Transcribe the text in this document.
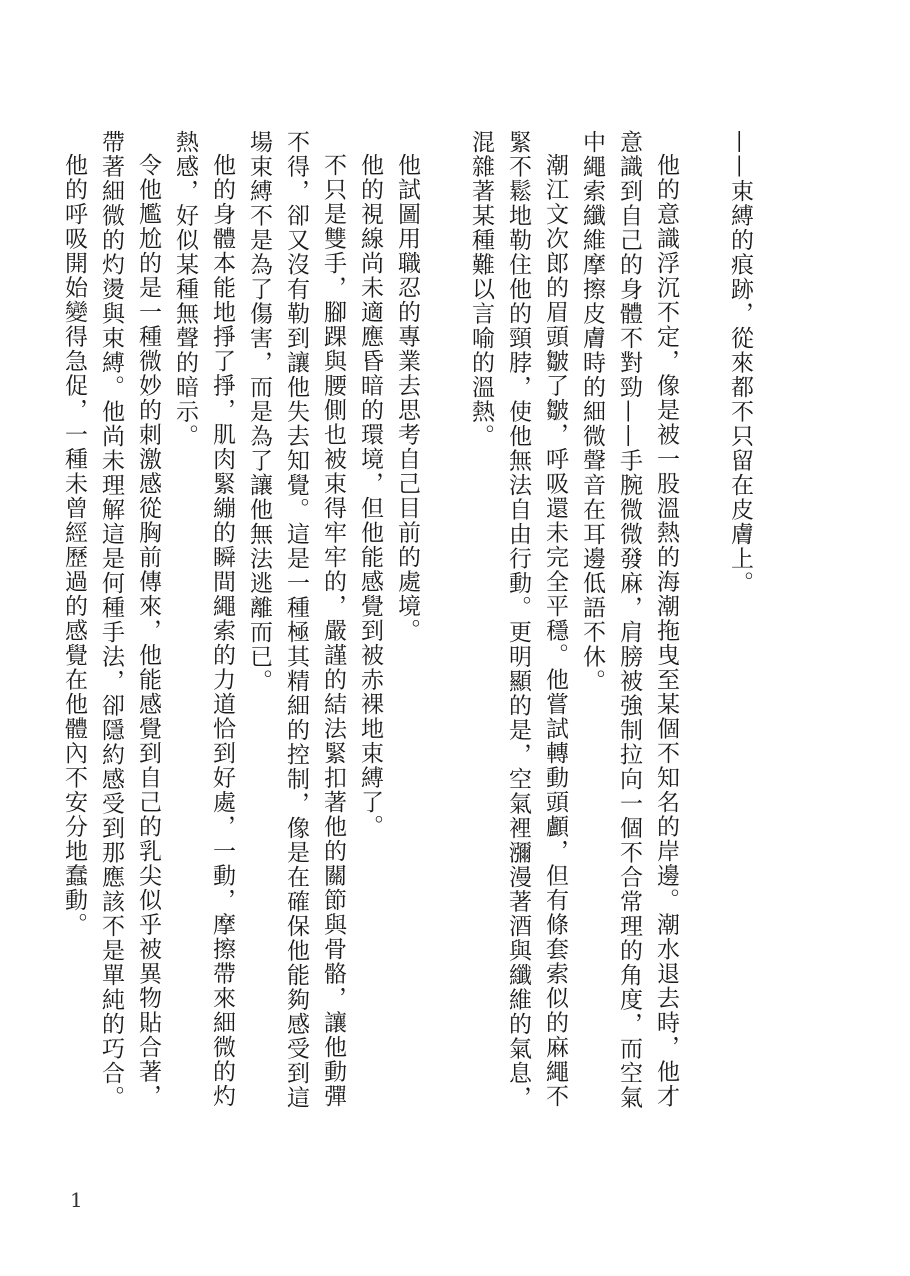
——束縛的痕跡，從來都不只留在皮膚上。

他的意識浮沉不定，像是被一股溫熱的海潮拖曳至某個不知名的岸邊。潮水退去時，他才意識到自己的身體不對勁——手腕微微發麻，肩膀被強制拉向一個不合常理的角度，而空氣中繩索纖維摩擦皮膚時的細微聲音在耳邊低語不休。

潮江文次郎的眉頭皺了皺，呼吸還未完全平穩。他嘗試轉動頭顱，但有條套索似的麻繩不緊不鬆地勒住他的頸脖，使他無法自由行動。更明顯的是，空氣裡瀰漫著酒與纖維的氣息，混雜著某種難以言喻的溫熱。

他試圖用職忍的專業去思考自己目前的處境。

他的視線尚未適應昏暗的環境，但他能感覺到被赤裸地束縛了。

不只是雙手，腳踝與腰側也被束得牢牢的，嚴謹的結法緊扣著他的關節與骨骼，讓他動彈不得，卻又沒有勒到讓他失去知覺。這是一種極其精細的控制，像是在確保他能夠感受到這場束縛不是為了傷害，而是為了讓他無法逃離而已。

他的身體本能地掙了掙，肌肉緊繃的瞬間繩索的力道恰到好處，一動，摩擦帶來細微的灼熱感，好似某種無聲的暗示。

令他尷尬的是一種微妙的刺激感從胸前傳來，他能感覺到自己的乳尖似乎被異物貼合著，帶著細微的灼燙與束縛。他尚未理解這是何種手法，卻隱約感受到那應該不是單純的巧合。

他的呼吸開始變得急促，一種未曾經歷過的感覺在他體內不安分地蠢動。

1
